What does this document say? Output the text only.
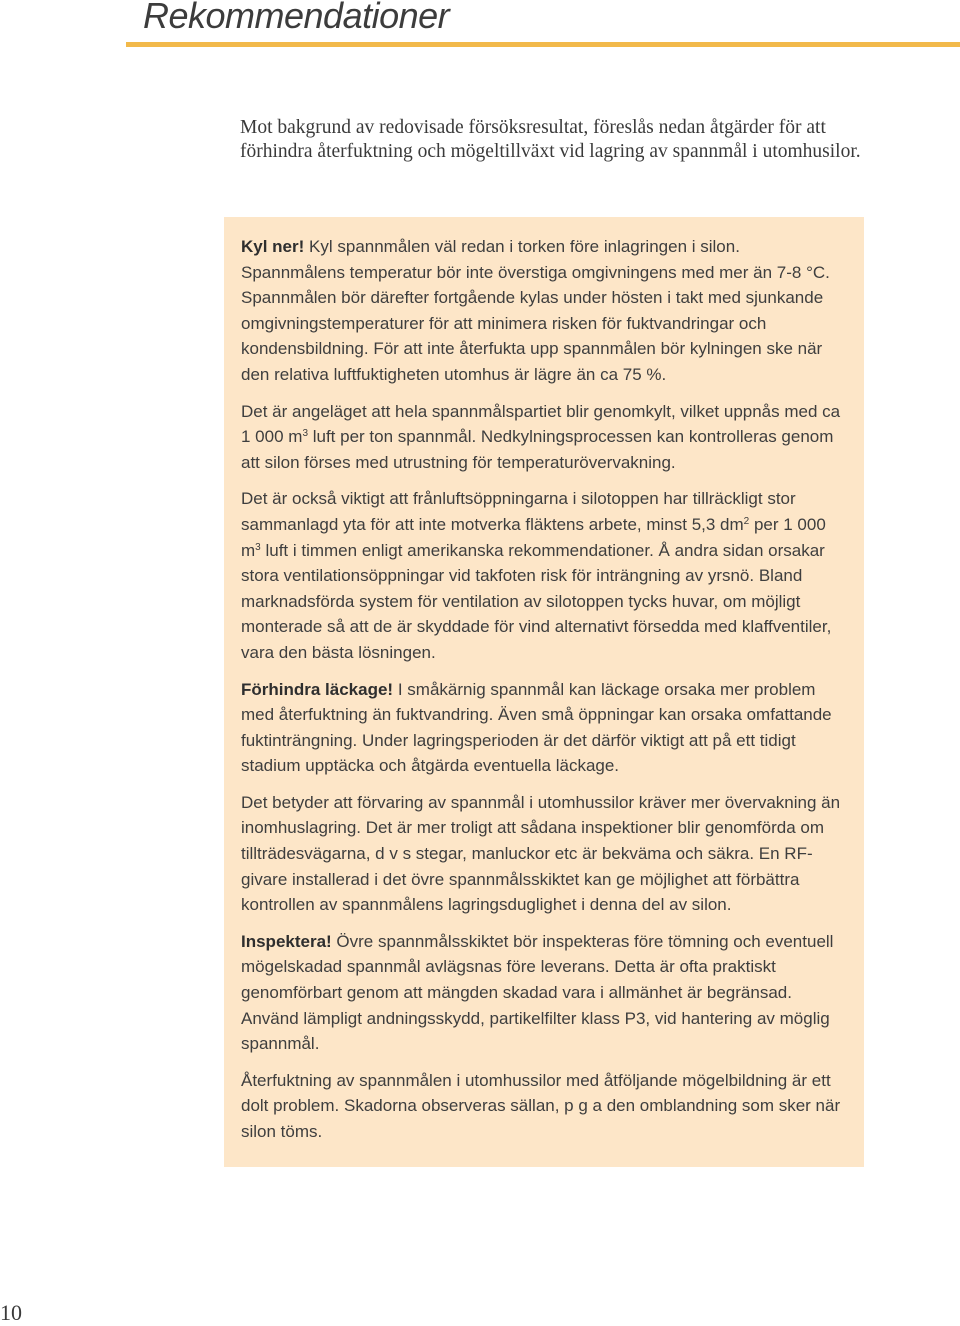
Rekommendationer

Mot bakgrund av redovisade försöksresultat, föreslås nedan åtgärder för att förhindra återfuktning och mögeltillväxt vid lagring av spannmål i utomhusilor.

Kyl ner! Kyl spannmålen väl redan i torken före inlagringen i silon. Spannmålens temperatur bör inte överstiga omgivningens med mer än 7-8 °C. Spannmålen bör därefter fortgående kylas under hösten i takt med sjunkande omgivningstemperaturer för att minimera risken för fuktvandringar och kondensbildning. För att inte återfukta upp spannmålen bör kylningen ske när den relativa luftfuktigheten utomhus är lägre än ca 75 %.

Det är angeläget att hela spannmålspartiet blir genomkylt, vilket uppnås med ca 1 000 $m^3$ luft per ton spannmål. Nedkylningsprocessen kan kontrolleras genom att silon förses med utrustning för temperaturövervakning.

Det är också viktigt att frånluftsöppningarna i silotoppen har tillräckligt stor sammanlagd yta för att inte motverka fläktens arbete, minst 5,3 $dm^2$ per 1 000 $m^3$ luft i timmen enligt amerikanska rekommendationer. Å andra sidan orsakar stora ventilationsöppningar vid takfoten risk för inträngning av yrsnö. Bland marknadsförda system för ventilation av silotoppen tycks huvar, om möjligt monterade så att de är skyddade för vind alternativt försedda med klaffventiler, vara den bästa lösningen.

Förhindra läckage! I småkärnig spannmål kan läckage orsaka mer problem med återfuktning än fuktvandring. Även små öppningar kan orsaka omfattande fuktinträngning. Under lagringsperioden är det därför viktigt att på ett tidigt stadium upptäcka och åtgärda eventuella läckage.

Det betyder att förvaring av spannmål i utomhussilor kräver mer övervakning än inomhuslagring. Det är mer troligt att sådana inspektioner blir genomförda om tillträdesvägarna, d v s stegar, manluckor etc är bekväma och säkra. En RF-givare installerad i det övre spannmålsskiktet kan ge möjlighet att förbättra kontrollen av spannmålens lagringsduglighet i denna del av silon.

Inspektera! Övre spannmålsskiktet bör inspekteras före tömning och eventuell mögelskadad spannmål avlägsnas före leverans. Detta är ofta praktiskt genomförbart genom att mängden skadad vara i allmänhet är begränsad. Använd lämpligt andningsskydd, partikelfilter klass P3, vid hantering av möglig spannmål.

Återfuktning av spannmålen i utomhussilor med åtföljande mögelbildning är ett dolt problem. Skadorna observeras sällan, p g a den omblandning som sker när silon töms.

10
